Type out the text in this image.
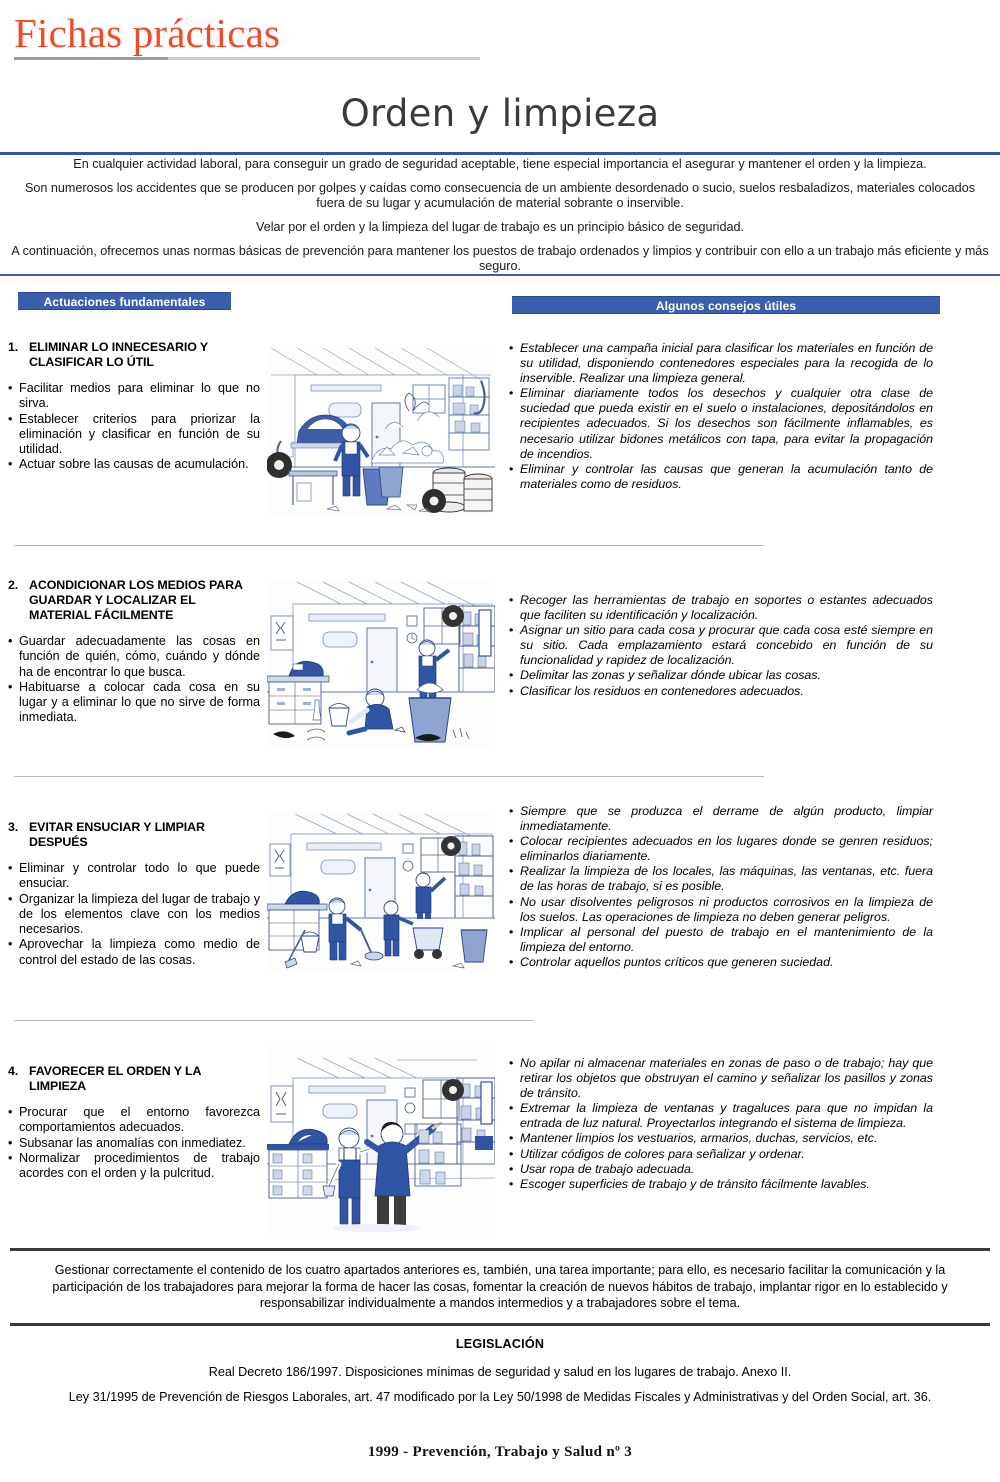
Fichas prácticas
Orden y limpieza

En cualquier actividad laboral, para conseguir un grado de seguridad aceptable, tiene especial importancia el asegurar y mantener el orden y la limpieza.

Son numerosos los accidentes que se producen por golpes y caídas como consecuencia de un ambiente desordenado o sucio, suelos resbaladizos, materiales colocados fuera de su lugar y acumulación de material sobrante o inservible.

Velar por el orden y la limpieza del lugar de trabajo es un principio básico de seguridad.

A continuación, ofrecemos unas normas básicas de prevención para mantener los puestos de trabajo ordenados y limpios y contribuir con ello a un trabajo más eficiente y más seguro.

Actuaciones fundamentales	Algunos consejos útiles

1. ELIMINAR LO INNECESARIO Y CLASIFICAR LO ÚTIL

• Facilitar medios para eliminar lo que no sirva.
• Establecer criterios para priorizar la eliminación y clasificar en función de su utilidad.
• Actuar sobre las causas de acumulación.
• Establecer una campaña inicial para clasificar los materiales en función de su utilidad, disponiendo contenedores especiales para la recogida de lo inservible. Realizar una limpieza general.
• Eliminar diariamente todos los desechos y cualquier otra clase de suciedad que pueda existir en el suelo o instalaciones, depositándolos en recipientes adecuados. Si los desechos son fácilmente inflamables, es necesario utilizar bidones metálicos con tapa, para evitar la propagación de incendios.
• Eliminar y controlar las causas que generan la acumulación tanto de materiales como de residuos.

2. ACONDICIONAR LOS MEDIOS PARA GUARDAR Y LOCALIZAR EL MATERIAL FÁCILMENTE

• Guardar adecuadamente las cosas en función de quién, cómo, cuándo y dónde ha de encontrar lo que busca.
• Habituarse a colocar cada cosa en su lugar y a eliminar lo que no sirve de forma inmediata.
• Recoger las herramientas de trabajo en soportes o estantes adecuados que faciliten su identificación y localización.
• Asignar un sitio para cada cosa y procurar que cada cosa esté siempre en su sitio. Cada emplazamiento estará concebido en función de su funcionalidad y rapidez de localización.
• Delimitar las zonas y señalizar dónde ubicar las cosas.
• Clasificar los residuos en contenedores adecuados.

3. EVITAR ENSUCIAR Y LIMPIAR DESPUÉS

• Eliminar y controlar todo lo que puede ensuciar.
• Organizar la limpieza del lugar de trabajo y de los elementos clave con los medios necesarios.
• Aprovechar la limpieza como medio de control del estado de las cosas.
• Siempre que se produzca el derrame de algún producto, limpiar inmediatamente.
• Colocar recipientes adecuados en los lugares donde se genren residuos; eliminarlos diariamente.
• Realizar la limpieza de los locales, las máquinas, las ventanas, etc. fuera de las horas de trabajo, si es posible.
• No usar disolventes peligrosos ni productos corrosivos en la limpieza de los suelos. Las operaciones de limpieza no deben generar peligros.
• Implicar al personal del puesto de trabajo en el mantenimiento de la limpieza del entorno.
• Controlar aquellos puntos críticos que generen suciedad.

4. FAVORECER EL ORDEN Y LA LIMPIEZA

• Procurar que el entorno favorezca comportamientos adecuados.
• Subsanar las anomalías con inmediatez.
• Normalizar procedimientos de trabajo acordes con el orden y la pulcritud.
• No apilar ni almacenar materiales en zonas de paso o de trabajo; hay que retirar los objetos que obstruyan el camino y señalizar los pasillos y zonas de tránsito.
• Extremar la limpieza de ventanas y tragaluces para que no impidan la entrada de luz natural. Proyectarlos integrando el sistema de limpieza.
• Mantener limpios los vestuarios, armarios, duchas, servicios, etc.
• Utilizar códigos de colores para señalizar y ordenar.
• Usar ropa de trabajo adecuada.
• Escoger superficies de trabajo y de tránsito fácilmente lavables.

Gestionar correctamente el contenido de los cuatro apartados anteriores es, también, una tarea importante; para ello, es necesario facilitar la comunicación y la participación de los trabajadores para mejorar la forma de hacer las cosas, fomentar la creación de nuevos hábitos de trabajo, implantar rigor en lo establecido y responsabilizar individualmente a mandos intermedios y a trabajadores sobre el tema.

LEGISLACIÓN

Real Decreto 186/1997. Disposiciones mínimas de seguridad y salud en los lugares de trabajo. Anexo II.

Ley 31/1995 de Prevención de Riesgos Laborales, art. 47 modificado por la Ley 50/1998 de Medidas Fiscales y Administrativas y del Orden Social, art. 36.

1999 - Prevención, Trabajo y Salud nº 3
